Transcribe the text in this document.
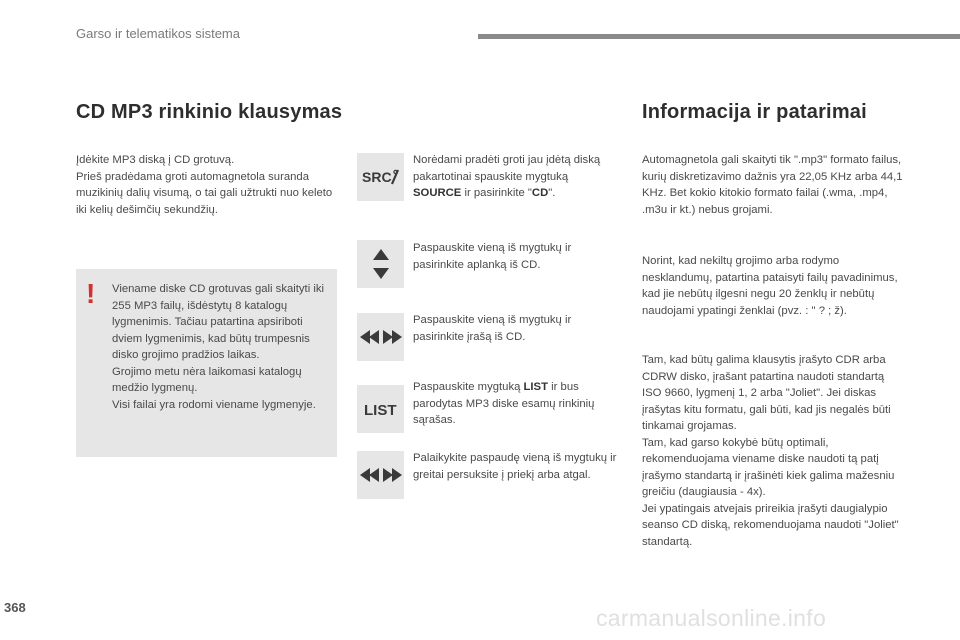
Garso ir telematikos sistema
CD MP3 rinkinio klausymas
Įdėkite MP3 diską į CD grotuvą.
Prieš pradėdama groti automagnetola suranda muzikinių dalių visumą, o tai gali užtrukti nuo keleto iki kelių dešimčių sekundžių.
!	Viename diske CD grotuvas gali skaityti iki 255 MP3 failų, išdėstytų 8 katalogų lygmenimis. Tačiau patartina apsiriboti dviem lygmenimis, kad būtų trumpesnis disko grojimo pradžios laikas.
Grojimo metu nėra laikomasi katalogų medžio lygmenų.
Visi failai yra rodomi viename lygmenyje.
SRC
LIST
Norėdami pradėti groti jau įdėtą diską pakartotinai spauskite mygtuką SOURCE ir pasirinkite "CD".
Paspauskite vieną iš mygtukų ir pasirinkite aplanką iš CD.
Paspauskite vieną iš mygtukų ir pasirinkite įrašą iš CD.
Paspauskite mygtuką LIST ir bus parodytas MP3 diske esamų rinkinių sąrašas.
Palaikykite paspaudę vieną iš mygtukų ir greitai persuksite į priekį arba atgal.
Informacija ir patarimai
Automagnetola gali skaityti tik ".mp3" formato failus, kurių diskretizavimo dažnis yra 22,05 KHz arba 44,1 KHz. Bet kokio kitokio formato failai (.wma, .mp4, .m3u ir kt.) nebus grojami.
Norint, kad nekiltų grojimo arba rodymo nesklandumų, patartina pataisyti failų pavadinimus, kad jie nebūtų ilgesni negu 20 ženklų ir nebūtų naudojami ypatingi ženklai (pvz. : " ? ; ž).
Tam, kad būtų galima klausytis įrašyto CDR arba CDRW disko, įrašant patartina naudoti standartą ISO 9660, lygmenį 1, 2 arba "Joliet". Jei diskas įrašytas kitu formatu, gali būti, kad jis negalės būti tinkamai grojamas.
Tam, kad garso kokybė būtų optimali, rekomenduojama viename diske naudoti tą patį įrašymo standartą ir įrašinėti kiek galima mažesniu greičiu (daugiausia - 4x).
Jei ypatingais atvejais prireikia įrašyti daugialypio seanso CD diską, rekomenduojama naudoti "Joliet" standartą.
368	carmanualsonline.info
